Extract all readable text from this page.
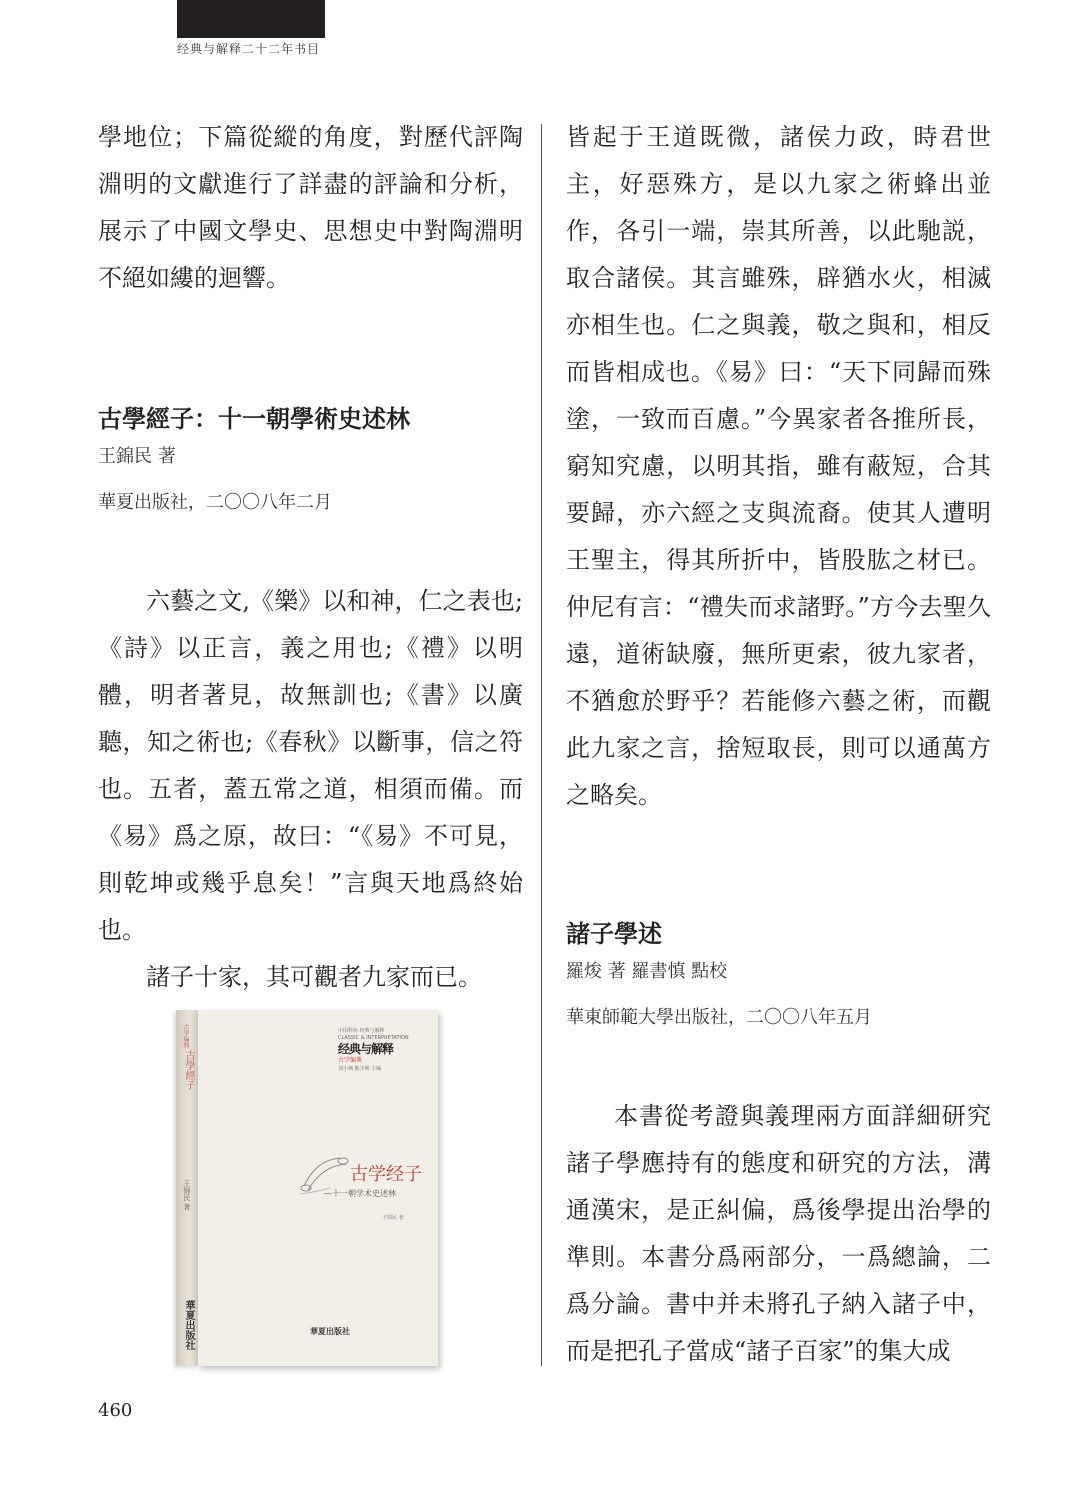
经典与解释二十二年书目

學地位；下篇從縱的角度，對歷代評陶淵明的文獻進行了詳盡的評論和分析，展示了中國文學史、思想史中對陶淵明不絕如縷的迴響。

古學經子：十一朝學術史述林

王錦民 著

華夏出版社，二〇〇八年二月

六藝之文,《樂》以和神，仁之表也;《詩》以正言，義之用也;《禮》以明體，明者著見，故無訓也;《書》以廣聽，知之術也;《春秋》以斷事，信之符也。五者，蓋五常之道，相須而備。而《易》爲之原，故曰：“《易》不可見，則乾坤或幾乎息矣！”言與天地爲終始也。

諸子十家，其可觀者九家而已。

古学编典
古學經子
王锦民 著
華夏出版社
中国科协 经典与解释
CLASSIC & INTERPRETATION
经典与解释
古学编典
刘小枫 陈少明 主编
古学经子
—十一朝学术史述林
王锦民 著
華夏出版社

皆起于王道既微，諸侯力政，時君世主，好惡殊方，是以九家之術蜂出並作，各引一端，崇其所善，以此馳説，取合諸侯。其言雖殊，辟猶水火，相滅亦相生也。仁之與義，敬之與和，相反而皆相成也。《易》曰：“天下同歸而殊塗，一致而百慮。”今異家者各推所長，窮知究慮，以明其指，雖有蔽短，合其要歸，亦六經之支與流裔。使其人遭明王聖主，得其所折中，皆股肱之材已。仲尼有言：“禮失而求諸野。”方今去聖久遠，道術缺廢，無所更索，彼九家者，不猶愈於野乎？若能修六藝之術，而觀此九家之言，捨短取長，則可以通萬方之略矣。

諸子學述

羅焌 著 羅書慎 點校

華東師範大學出版社，二〇〇八年五月

本書從考證與義理兩方面詳細研究諸子學應持有的態度和研究的方法，溝通漢宋，是正糾偏，爲後學提出治學的準則。本書分爲兩部分，一爲總論，二爲分論。書中并未將孔子納入諸子中，而是把孔子當成“諸子百家”的集大成

460
